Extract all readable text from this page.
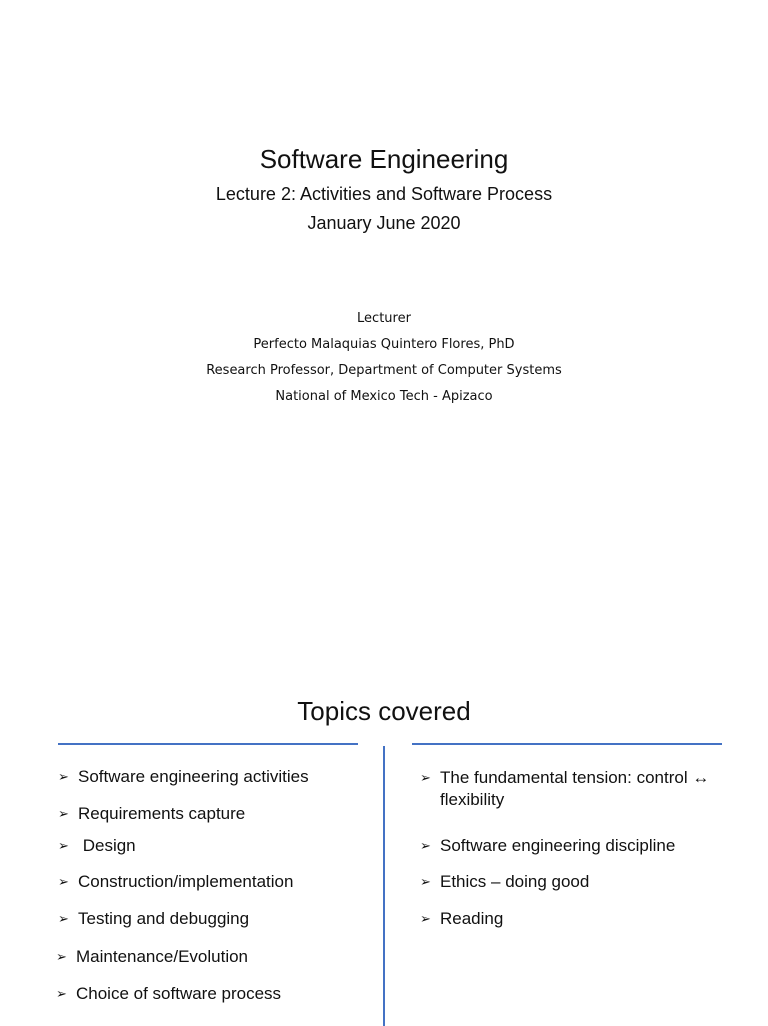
Software Engineering
Lecture 2: Activities and Software Process
January June 2020
Lecturer
Perfecto Malaquias Quintero Flores, PhD
Research Professor, Department of Computer Systems
National of Mexico Tech - Apizaco
Topics covered
➢ Software engineering activities
➢ Requirements capture
➢ Design
➢ Construction/implementation
➢ Testing and debugging
➢ Maintenance/Evolution
➢ Choice of software process
➢ The fundamental tension: control ↔ flexibility
➢ Software engineering discipline
➢ Ethics – doing good
➢ Reading
